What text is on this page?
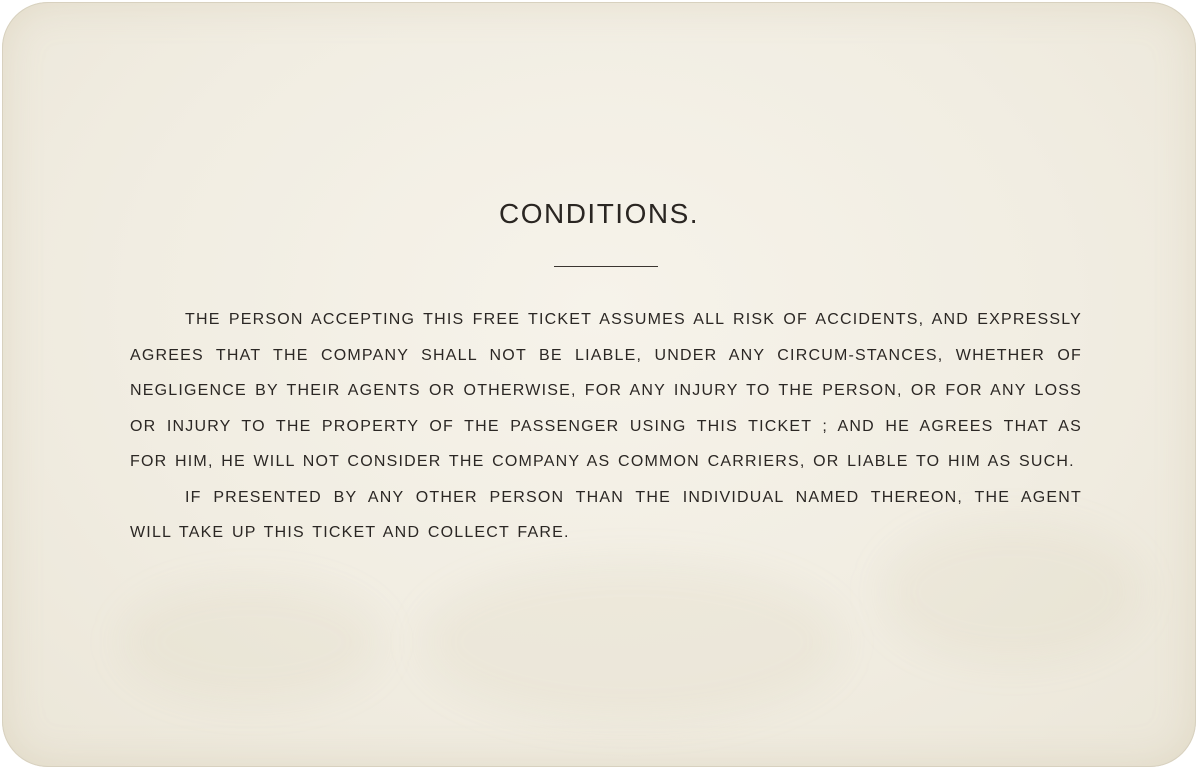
CONDITIONS.

THE PERSON ACCEPTING THIS FREE TICKET ASSUMES ALL RISK OF ACCIDENTS, AND EXPRESSLY AGREES THAT THE COMPANY SHALL NOT BE LIABLE, UNDER ANY CIRCUM-STANCES, WHETHER OF NEGLIGENCE BY THEIR AGENTS OR OTHERWISE, FOR ANY INJURY TO THE PERSON, OR FOR ANY LOSS OR INJURY TO THE PROPERTY OF THE PASSENGER USING THIS TICKET ; AND HE AGREES THAT AS FOR HIM, HE WILL NOT CONSIDER THE COMPANY AS COMMON CARRIERS, OR LIABLE TO HIM AS SUCH.

IF PRESENTED BY ANY OTHER PERSON THAN THE INDIVIDUAL NAMED THEREON, THE AGENT WILL TAKE UP THIS TICKET AND COLLECT FARE.
